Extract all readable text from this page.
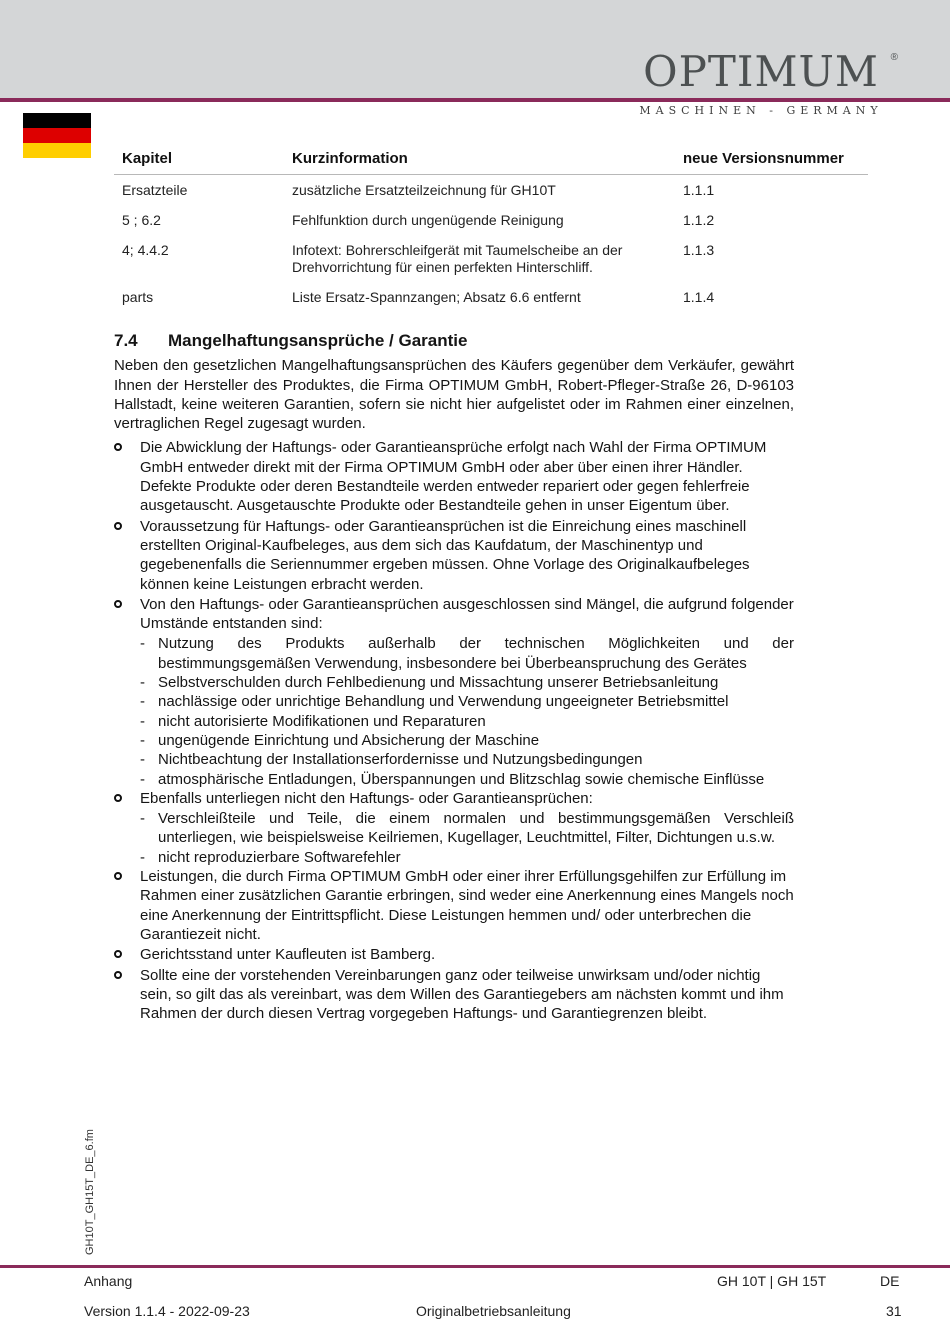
OPTIMUM	®
MASCHINEN - GERMANY
Kapitel	Kurzinformation	neue Versionsnummer
Ersatzteile	zusätzliche Ersatzteilzeichnung für GH10T	1.1.1
5 ; 6.2	Fehlfunktion durch ungenügende Reinigung	1.1.2
4; 4.4.2	Infotext: Bohrerschleifgerät mit Taumelscheibe an der Drehvorrichtung für einen perfekten Hinterschliff.	1.1.3
parts	Liste Ersatz-Spannzangen; Absatz 6.6 entfernt	1.1.4
7.4	Mangelhaftungsansprüche / Garantie

Neben den gesetzlichen Mangelhaftungsansprüchen des Käufers gegenüber dem Verkäufer, gewährt Ihnen der Hersteller des Produktes, die Firma OPTIMUM GmbH, Robert-Pfleger-Straße 26, D-96103 Hallstadt, keine weiteren Garantien, sofern sie nicht hier aufgelistet oder im Rahmen einer einzelnen, vertraglichen Regel zugesagt wurden.

Die Abwicklung der Haftungs- oder Garantieansprüche erfolgt nach Wahl der Firma OPTIMUM GmbH entweder direkt mit der Firma OPTIMUM GmbH oder aber über einen ihrer Händler.

Defekte Produkte oder deren Bestandteile werden entweder repariert oder gegen fehlerfreie ausgetauscht. Ausgetauschte Produkte oder Bestandteile gehen in unser Eigentum über.

Voraussetzung für Haftungs- oder Garantieansprüchen ist die Einreichung eines maschinell erstellten Original-Kaufbeleges, aus dem sich das Kaufdatum, der Maschinentyp und gegebenenfalls die Seriennummer ergeben müssen. Ohne Vorlage des Originalkaufbeleges können keine Leistungen erbracht werden.

Von den Haftungs- oder Garantieansprüchen ausgeschlossen sind Mängel, die aufgrund folgender Umstände entstanden sind:

- Nutzung des Produkts außerhalb der technischen Möglichkeiten und der bestimmungsgemäßen Verwendung, insbesondere bei Überbeanspruchung des Gerätes
- Selbstverschulden durch Fehlbedienung und Missachtung unserer Betriebsanleitung
- nachlässige oder unrichtige Behandlung und Verwendung ungeeigneter Betriebsmittel
- nicht autorisierte Modifikationen und Reparaturen
- ungenügende Einrichtung und Absicherung der Maschine
- Nichtbeachtung der Installationserfordernisse und Nutzungsbedingungen
- atmosphärische Entladungen, Überspannungen und Blitzschlag sowie chemische Einflüsse

Ebenfalls unterliegen nicht den Haftungs- oder Garantieansprüchen:

- Verschleißteile und Teile, die einem normalen und bestimmungsgemäßen Verschleiß unterliegen, wie beispielsweise Keilriemen, Kugellager, Leuchtmittel, Filter, Dichtungen u.s.w.
- nicht reproduzierbare Softwarefehler

Leistungen, die durch Firma OPTIMUM GmbH oder einer ihrer Erfüllungsgehilfen zur Erfüllung im Rahmen einer zusätzlichen Garantie erbringen, sind weder eine Anerkennung eines Mangels noch eine Anerkennung der Eintrittspflicht. Diese Leistungen hemmen und/ oder unterbrechen die Garantiezeit nicht.

Gerichtsstand unter Kaufleuten ist Bamberg.

Sollte eine der vorstehenden Vereinbarungen ganz oder teilweise unwirksam und/oder nichtig sein, so gilt das als vereinbart, was dem Willen des Garantiegebers am nächsten kommt und ihm Rahmen der durch diesen Vertrag vorgegeben Haftungs- und Garantiegrenzen bleibt.

GH10T_GH15T_DE_6.fm
Anhang	GH 10T | GH 15T	DE
Version 1.1.4 - 2022-09-23	Originalbetriebsanleitung	31
